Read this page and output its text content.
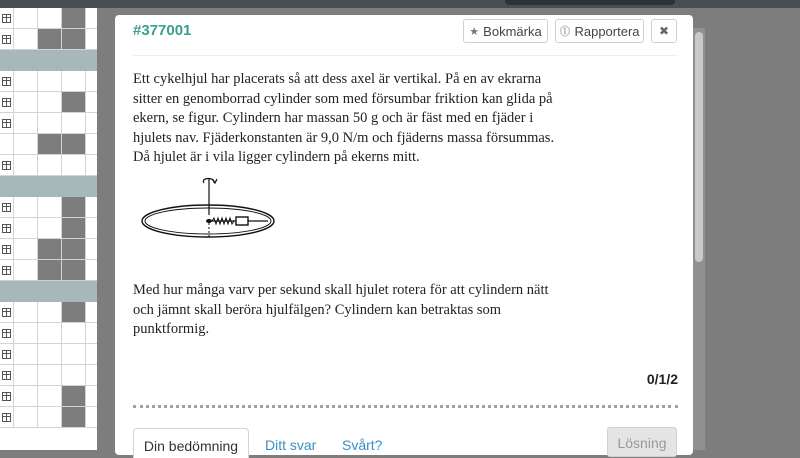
#377001	★ Bokmärka ⓵ Rapportera ✖
Ett cykelhjul har placerats så att dess axel är vertikal. På en av ekrarna sitter en genomborrad cylinder som med försumbar friktion kan glida på ekern, se figur. Cylindern har massan 50 g och är fäst med en fjäder i hjulets nav. Fjäderkonstanten är 9,0 N/m och fjäderns massa försummas. Då hjulet är i vila ligger cylindern på ekerns mitt.
Med hur många varv per sekund skall hjulet rotera för att cylindern nätt och jämnt skall beröra hjulfälgen? Cylindern kan betraktas som punktformig.
0/1/2
Din bedömning	Ditt svar Svårt?	Lösning
